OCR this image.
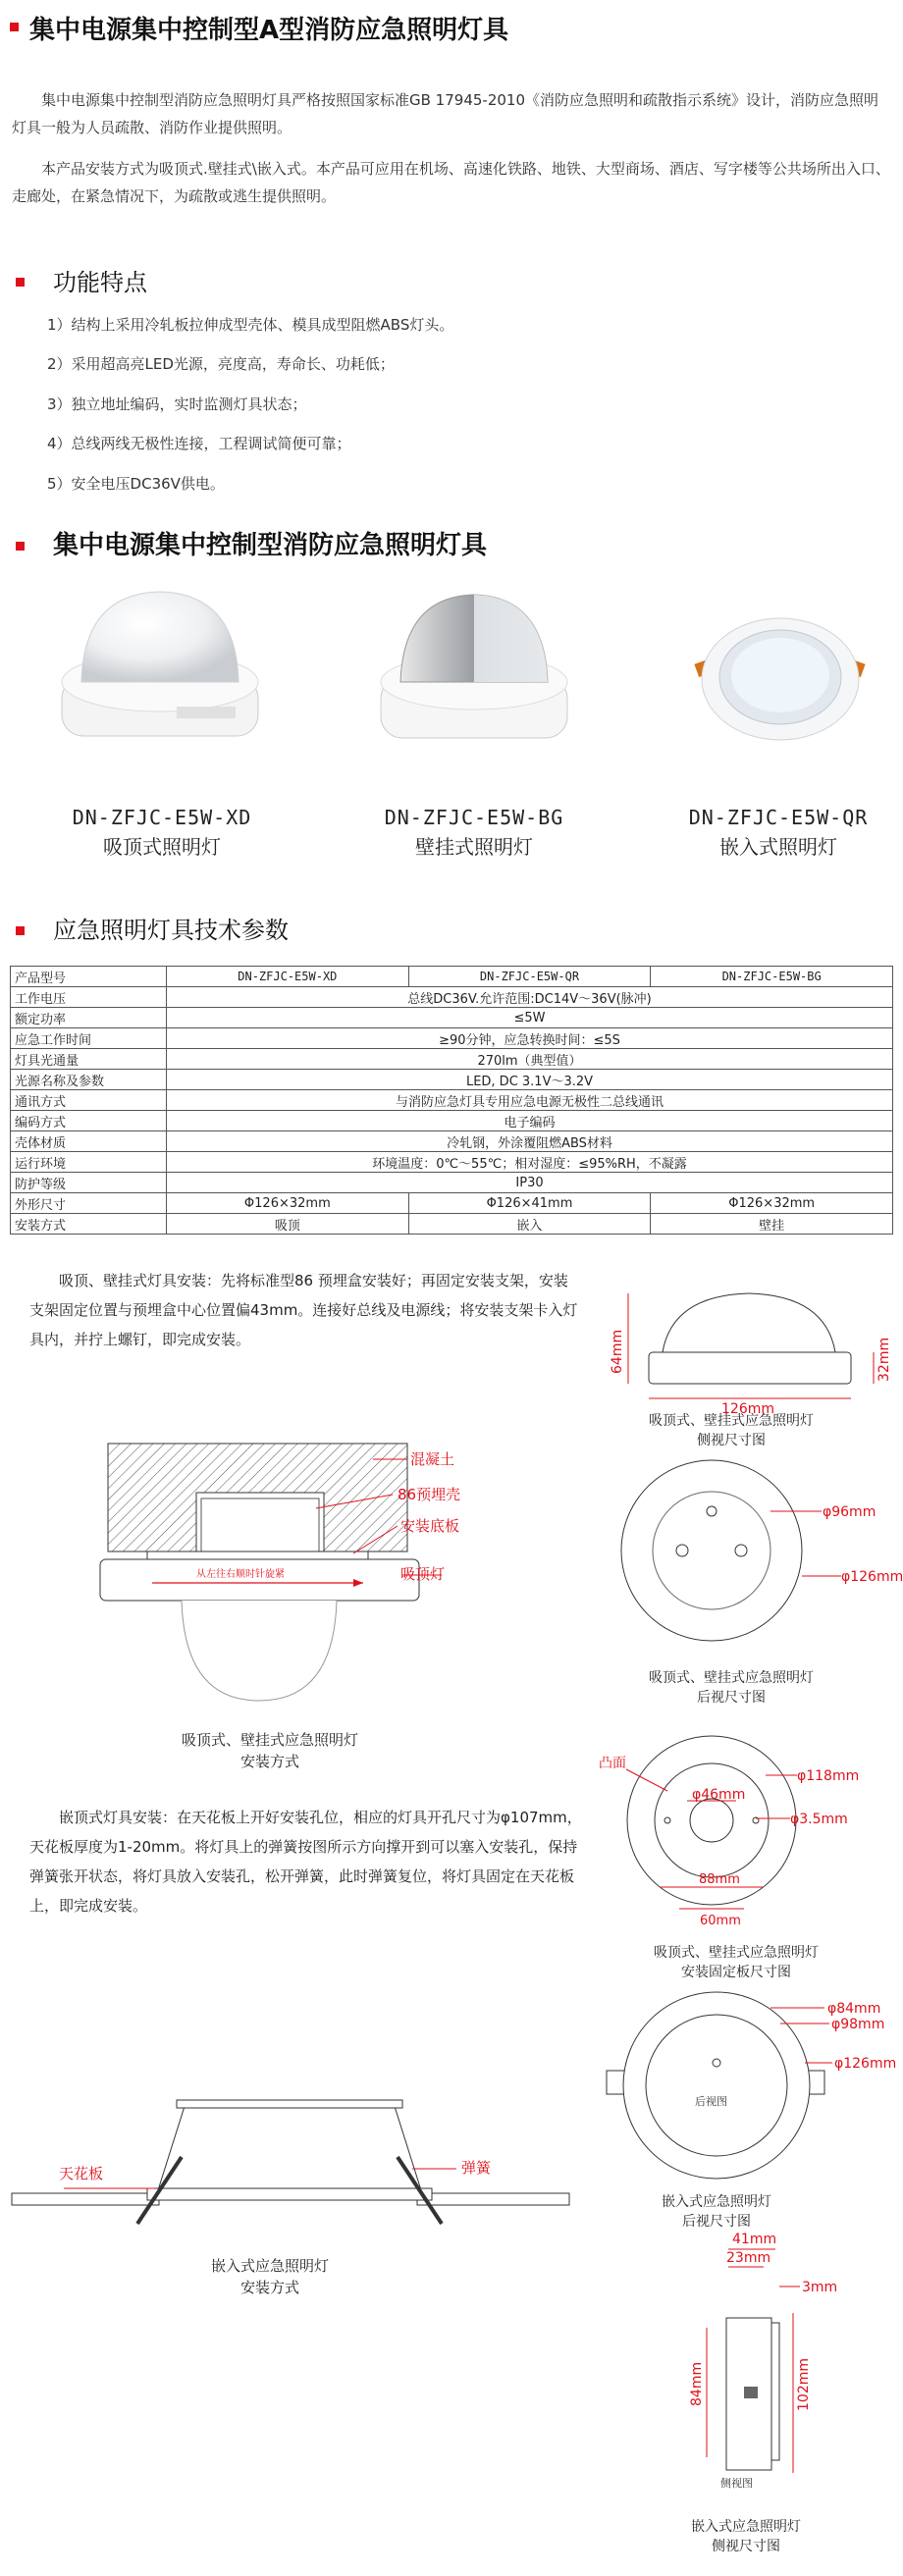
集中电源集中控制型A型消防应急照明灯具
集中电源集中控制型消防应急照明灯具严格按照国家标准GB 17945-2010《消防应急照明和疏散指示系统》设计，消防应急照明灯具一般为人员疏散、消防作业提供照明。
本产品安装方式为吸顶式.壁挂式\嵌入式。本产品可应用在机场、高速化铁路、地铁、大型商场、酒店、写字楼等公共场所出入口、走廊处，在紧急情况下，为疏散或逃生提供照明。
功能特点
1）结构上采用冷轧板拉伸成型壳体、模具成型阻燃ABS灯头。
2）采用超高亮LED光源，亮度高，寿命长、功耗低；
3）独立地址编码，实时监测灯具状态；
4）总线两线无极性连接，工程调试简便可靠；
5）安全电压DC36V供电。
集中电源集中控制型消防应急照明灯具
DN-ZFJC-E5W-XD
吸顶式照明灯
DN-ZFJC-E5W-BG
壁挂式照明灯
DN-ZFJC-E5W-QR
嵌入式照明灯
应急照明灯具技术参数
产品型号	DN-ZFJC-E5W-XD	DN-ZFJC-E5W-QR	DN-ZFJC-E5W-BG
工作电压	总线DC36V.允许范围:DC14V～36V(脉冲)		
额定功率	≤5W		
应急工作时间	≥90分钟，应急转换时间：≤5S		
灯具光通量	270lm（典型值）		
光源名称及参数	LED, DC 3.1V～3.2V		
通讯方式	与消防应急灯具专用应急电源无极性二总线通讯		
编码方式	电子编码		
壳体材质	冷轧钢，外涂覆阻燃ABS材料		
运行环境	环境温度：0℃～55℃；相对湿度：≤95%RH，不凝露		
防护等级	IP30		
外形尺寸	Φ126×32mm	Φ126×41mm	Φ126×32mm
安装方式	吸顶	嵌入	壁挂
吸顶、壁挂式灯具安装：先将标准型86 预埋盒安装好；再固定安装支架，安装支架固定位置与预埋盒中心位置偏43mm。连接好总线及电源线；将安装支架卡入灯具内，并拧上螺钉，即完成安装。
嵌顶式灯具安装：在天花板上开好安装孔位，相应的灯具开孔尺寸为φ107mm，天花板厚度为1-20mm。将灯具上的弹簧按图所示方向撑开到可以塞入安装孔，保持弹簧张开状态，将灯具放入安装孔，松开弹簧，此时弹簧复位，将灯具固定在天花板上，即完成安装。
从左往右顺时针旋紧
混凝土
86预埋壳
安装底板
吸顶灯
吸顶式、壁挂式应急照明灯
安装方式
天花板	弹簧
嵌入式应急照明灯
安装方式
64mm
126mm
32mm
吸顶式、壁挂式应急照明灯
侧视尺寸图
φ96mm
φ126mm
吸顶式、壁挂式应急照明灯
后视尺寸图
凸面
φ118mm
φ46mm
φ3.5mm
88mm
60mm
吸顶式、壁挂式应急照明灯
安装固定板尺寸图
后视图
φ84mm
φ98mm
φ126mm
嵌入式应急照明灯
后视尺寸图
41mm
23mm
3mm
84mm	102mm
侧视图
嵌入式应急照明灯
侧视尺寸图
